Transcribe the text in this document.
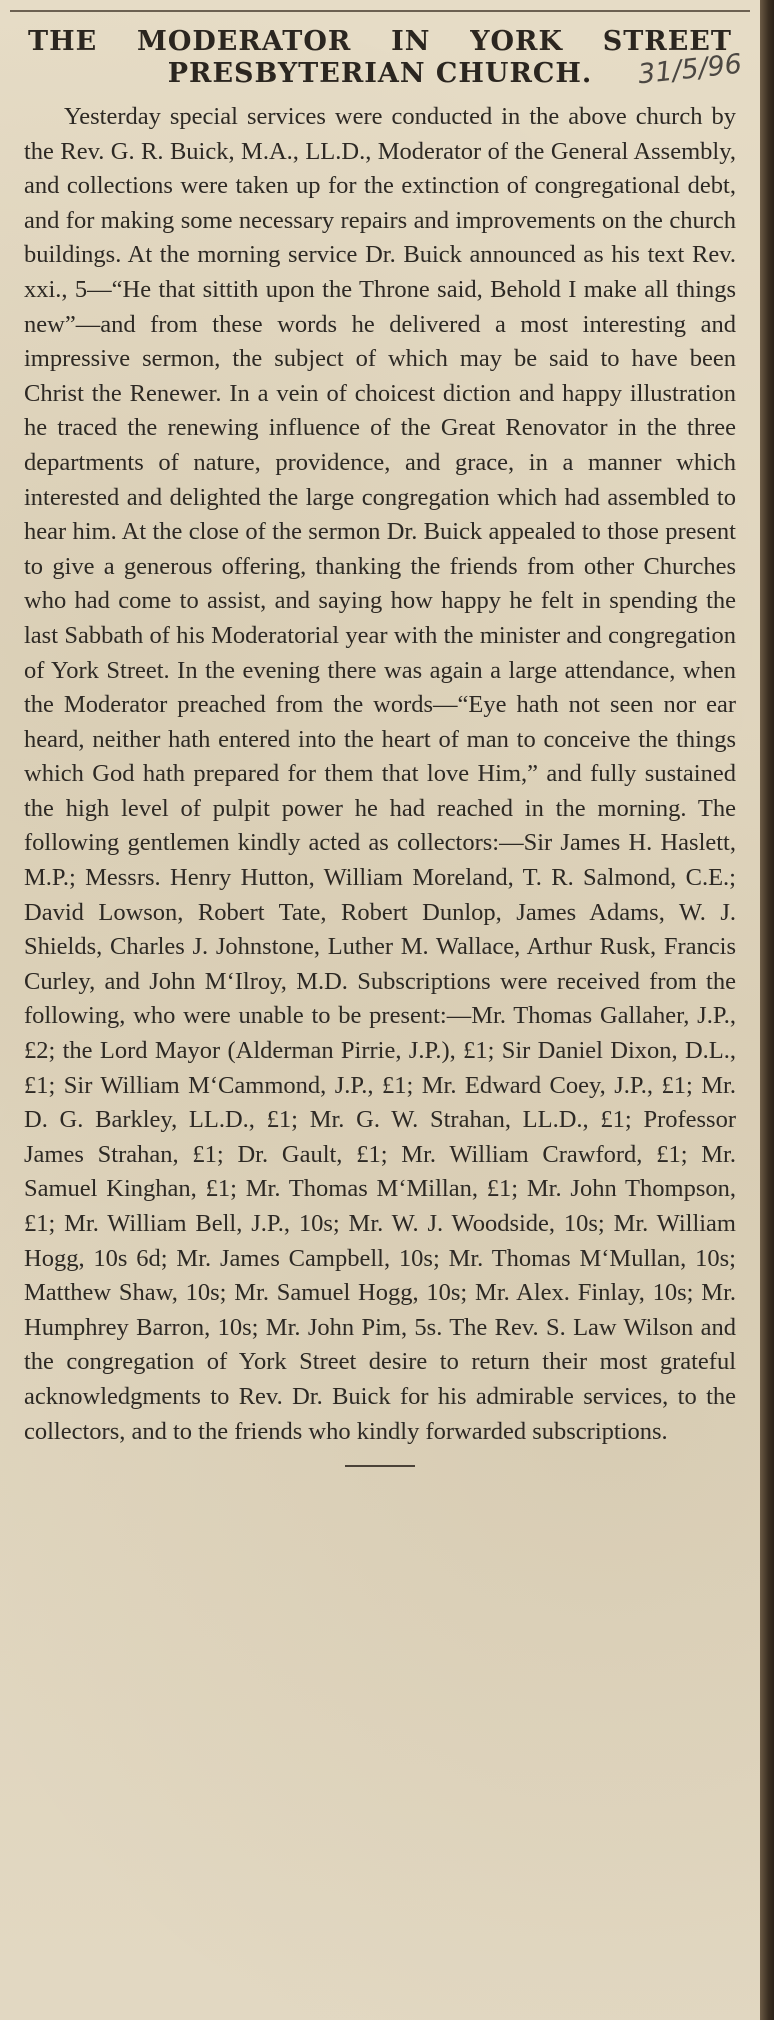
THE MODERATOR IN YORK STREET
PRESBYTERIAN CHURCH. 31/5/96

Yesterday special services were conducted in the above church by the Rev. G. R. Buick, M.A., LL.D., Moderator of the General Assembly, and collections were taken up for the extinction of congregational debt, and for making some necessary repairs and improvements on the church buildings. At the morning service Dr. Buick announced as his text Rev. xxi., 5—“He that sittith upon the Throne said, Behold I make all things new”—and from these words he delivered a most interesting and impressive sermon, the subject of which may be said to have been Christ the Renewer. In a vein of choicest diction and happy illustration he traced the renewing influence of the Great Renovator in the three departments of nature, providence, and grace, in a manner which interested and delighted the large congregation which had assembled to hear him. At the close of the sermon Dr. Buick appealed to those present to give a generous offering, thanking the friends from other Churches who had come to assist, and saying how happy he felt in spending the last Sabbath of his Moderatorial year with the minister and congregation of York Street. In the evening there was again a large attendance, when the Moderator preached from the words—“Eye hath not seen nor ear heard, neither hath entered into the heart of man to conceive the things which God hath prepared for them that love Him,” and fully sustained the high level of pulpit power he had reached in the morning. The following gentlemen kindly acted as collectors:—Sir James H. Haslett, M.P.; Messrs. Henry Hutton, William Moreland, T. R. Salmond, C.E.; David Lowson, Robert Tate, Robert Dunlop, James Adams, W. J. Shields, Charles J. Johnstone, Luther M. Wallace, Arthur Rusk, Francis Curley, and John M‘Ilroy, M.D. Subscriptions were received from the following, who were unable to be present:—Mr. Thomas Gallaher, J.P., £2; the Lord Mayor (Alderman Pirrie, J.P.), £1; Sir Daniel Dixon, D.L., £1; Sir William M‘Cammond, J.P., £1; Mr. Edward Coey, J.P., £1; Mr. D. G. Barkley, LL.D., £1; Mr. G. W. Strahan, LL.D., £1; Professor James Strahan, £1; Dr. Gault, £1; Mr. William Crawford, £1; Mr. Samuel Kinghan, £1; Mr. Thomas M‘Millan, £1; Mr. John Thompson, £1; Mr. William Bell, J.P., 10s; Mr. W. J. Woodside, 10s; Mr. William Hogg, 10s 6d; Mr. James Campbell, 10s; Mr. Thomas M‘Mullan, 10s; Matthew Shaw, 10s; Mr. Samuel Hogg, 10s; Mr. Alex. Finlay, 10s; Mr. Humphrey Barron, 10s; Mr. John Pim, 5s. The Rev. S. Law Wilson and the congregation of York Street desire to return their most grateful acknowledgments to Rev. Dr. Buick for his admirable services, to the collectors, and to the friends who kindly forwarded subscriptions.
